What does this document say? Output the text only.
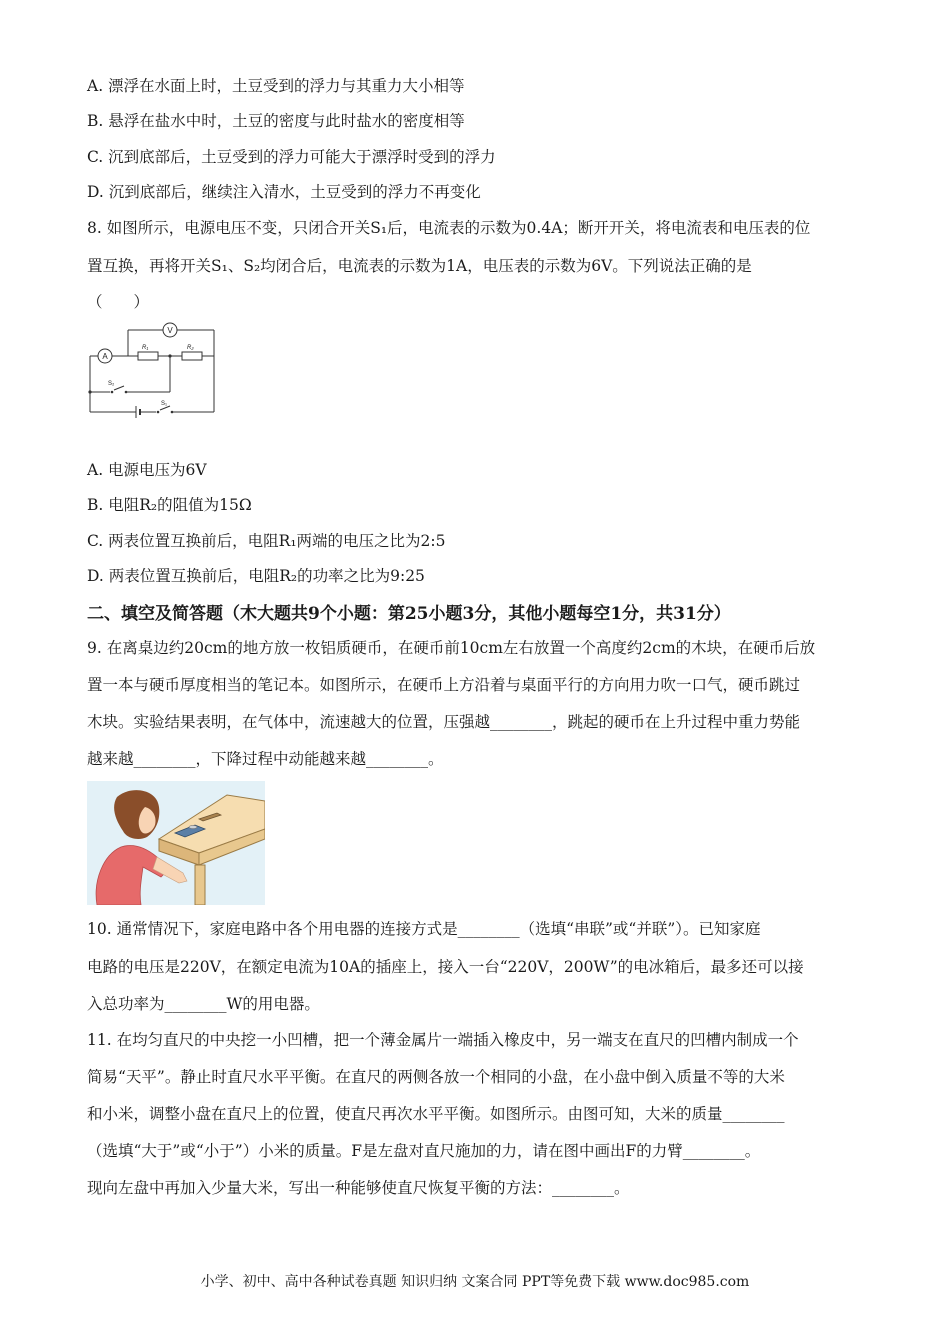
A. 漂浮在水面上时，土豆受到的浮力与其重力大小相等
B. 悬浮在盐水中时，土豆的密度与此时盐水的密度相等
C. 沉到底部后，土豆受到的浮力可能大于漂浮时受到的浮力
D. 沉到底部后，继续注入清水，土豆受到的浮力不再变化
8. 如图所示，电源电压不变，只闭合开关S₁后，电流表的示数为0.4A；断开开关，将电流表和电压表的位
置互换，再将开关S₁、S₂均闭合后，电流表的示数为1A，电压表的示数为6V。下列说法正确的是
（　　）
A
V
R₁	R₂
S₂
S₁
A. 电源电压为6V
B. 电阻R₂的阻值为15Ω
C. 两表位置互换前后，电阻R₁两端的电压之比为2:5
D. 两表位置互换前后，电阻R₂的功率之比为9:25
二、填空及简答题（木大题共9个小题：第25小题3分，其他小题每空1分，共31分）
9. 在离桌边约20cm的地方放一枚铝质硬币，在硬币前10cm左右放置一个高度约2cm的木块，在硬币后放
置一本与硬币厚度相当的笔记本。如图所示，在硬币上方沿着与桌面平行的方向用力吹一口气，硬币跳过
木块。实验结果表明，在气体中，流速越大的位置，压强越________，跳起的硬币在上升过程中重力势能
越来越________，下降过程中动能越来越________。
10. 通常情况下，家庭电路中各个用电器的连接方式是________（选填“串联”或“并联”）。已知家庭
电路的电压是220V，在额定电流为10A的插座上，接入一台“220V，200W”的电冰箱后，最多还可以接
入总功率为________W的用电器。
11. 在均匀直尺的中央挖一小凹槽，把一个薄金属片一端插入橡皮中，另一端支在直尺的凹槽内制成一个
简易“天平”。静止时直尺水平平衡。在直尺的两侧各放一个相同的小盘，在小盘中倒入质量不等的大米
和小米，调整小盘在直尺上的位置，使直尺再次水平平衡。如图所示。由图可知，大米的质量________
（选填“大于”或“小于”）小米的质量。F是左盘对直尺施加的力，请在图中画出F的力臂________。
现向左盘中再加入少量大米，写出一种能够使直尺恢复平衡的方法：________。
小学、初中、高中各种试卷真题 知识归纳 文案合同 PPT等免费下载 www.doc985.com
